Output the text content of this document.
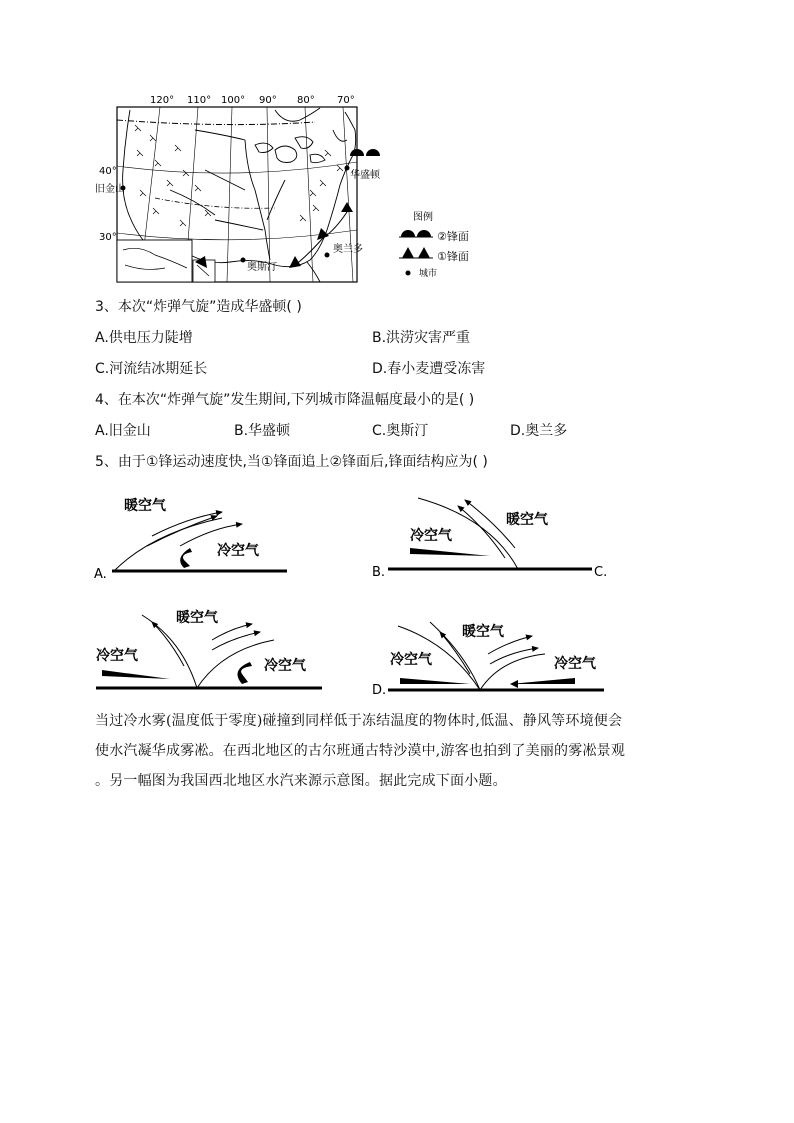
120° 110° 100° 90° 80° 70°
40°
30°
旧金山
华盛顿
奥斯汀
奥兰多
图例
②锋面
①锋面
城市
3、本次“炸弹气旋”造成华盛顿( )
A.供电压力陡增	B.洪涝灾害严重
C.河流结冰期延长	D.春小麦遭受冻害
4、在本次“炸弹气旋”发生期间,下列城市降温幅度最小的是( )
A.旧金山	B.华盛顿	C.奥斯汀	D.奥兰多
5、由于①锋运动速度快,当①锋面追上②锋面后,锋面结构应为( )
A.
暖空气
冷空气
B.	C.
暖空气
冷空气
暖空气
冷空气
冷空气
D.
暖空气
冷空气	冷空气
当过冷水雾(温度低于零度)碰撞到同样低于冻结温度的物体时,低温、静风等环境便会
使水汽凝华成雾凇。在西北地区的古尔班通古特沙漠中,游客也拍到了美丽的雾凇景观
。另一幅图为我国西北地区水汽来源示意图。据此完成下面小题。
